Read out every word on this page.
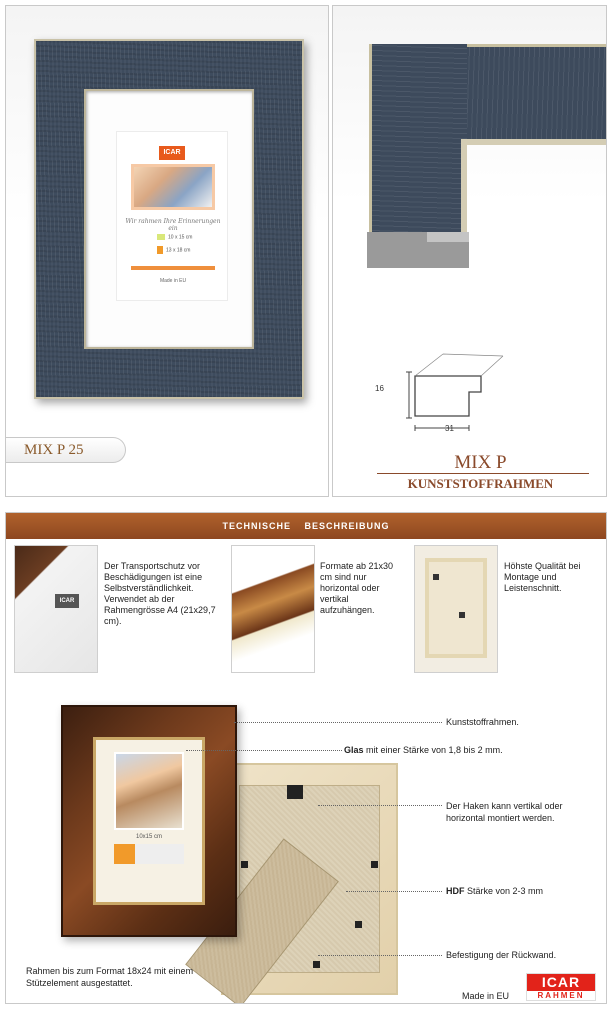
ICAR
Wir rahmen Ihre Erinnerungen ein
10 x 15 cm
13 x 18 cm
Made in EU
MIX P 25
16
31
MIX P
KUNSTSTOFFRAHMEN
TECHNISCHE BESCHREIBUNG
ICAR
Der Transportschutz vor Beschädigungen ist eine Selbstverständlichkeit. Verwendet ab der Rahmengrösse A4 (21x29,7 cm).
Formate ab 21x30 cm sind nur horizontal oder vertikal aufzuhängen.
Höhste Qualität bei Montage und Leistenschnitt.
10x15 cm
Kunststoffrahmen.
Glas mit einer Stärke von 1,8 bis 2 mm.
Der Haken kann vertikal oder horizontal montiert werden.
HDF Stärke von 2-3 mm
Befestigung der Rückwand.
Rahmen bis zum Format 18x24 mit einem Stützelement ausgestattet.
Made in EU
ICAR
RAHMEN
